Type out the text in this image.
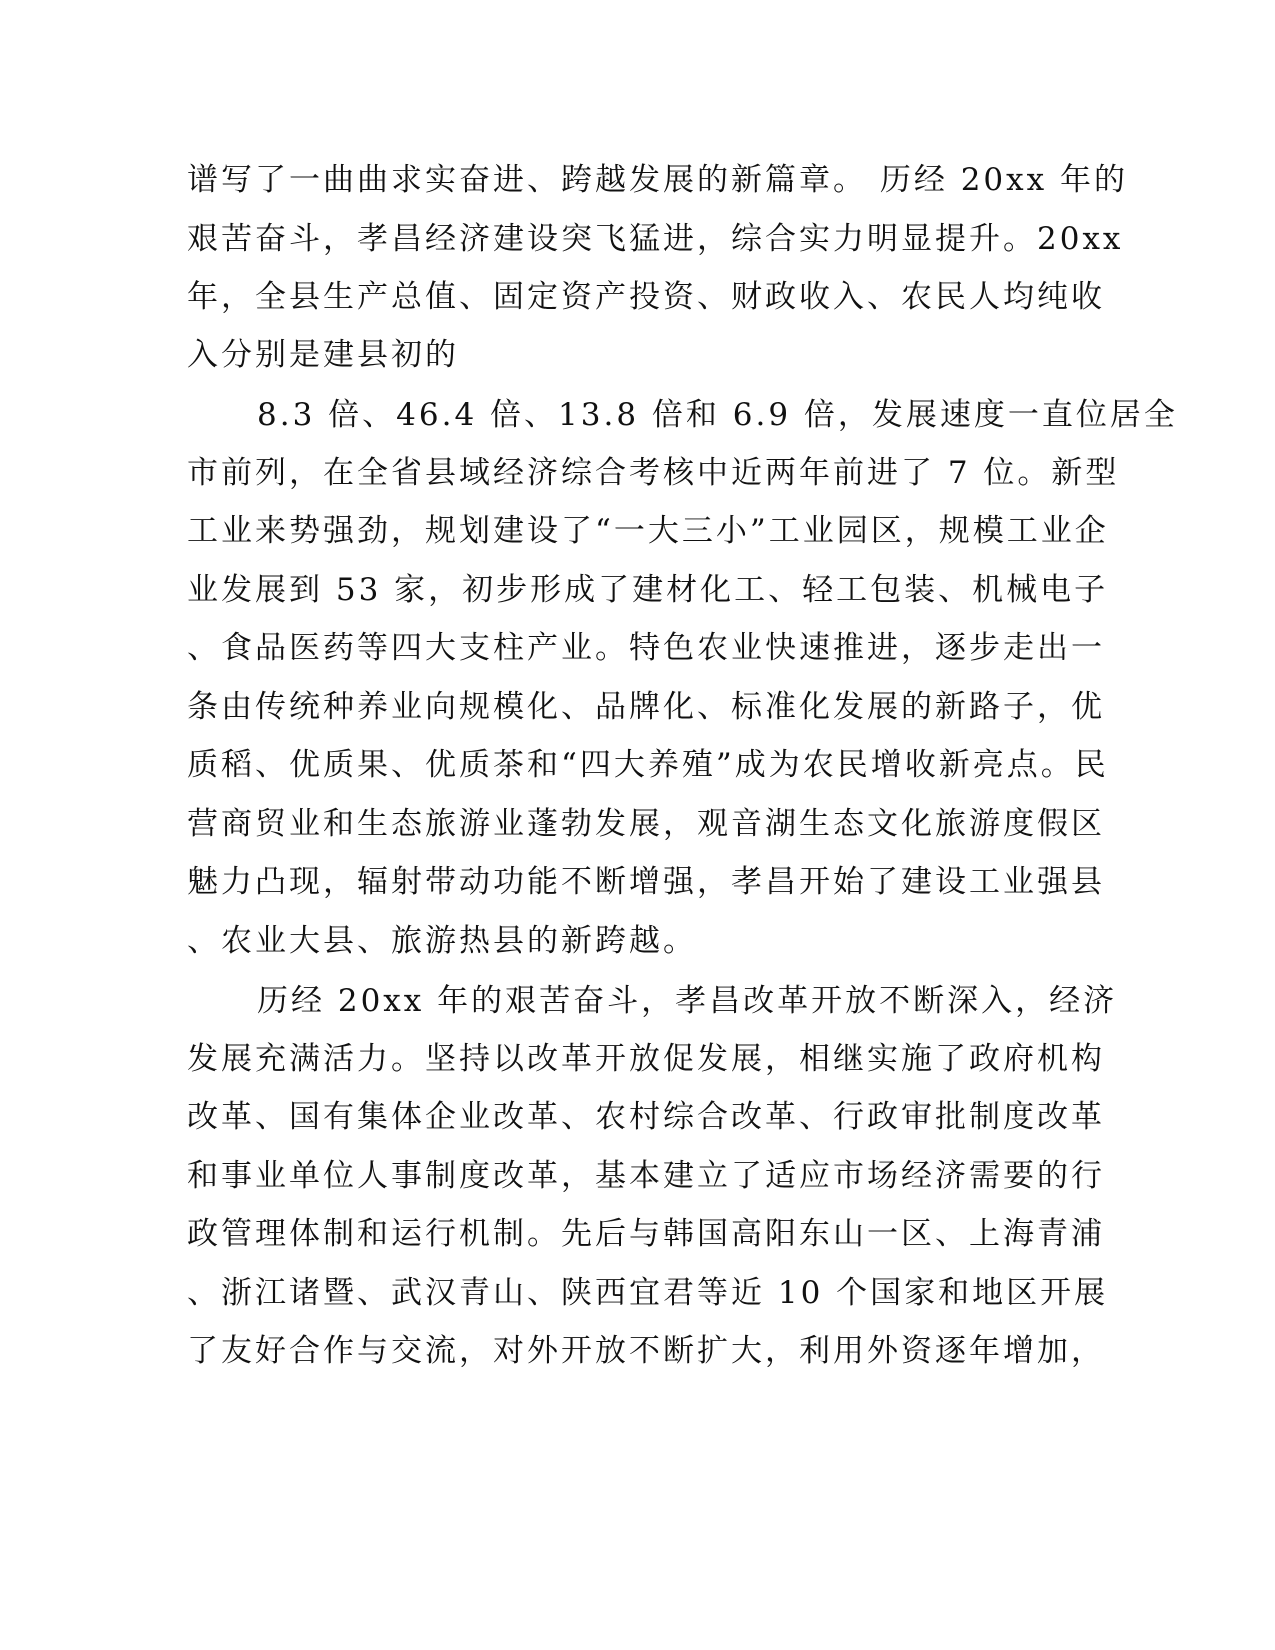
谱写了一曲曲求实奋进、跨越发展的新篇章。 历经 20xx 年的
艰苦奋斗，孝昌经济建设突飞猛进，综合实力明显提升。20xx
年，全县生产总值、固定资产投资、财政收入、农民人均纯收
入分别是建县初的
8.3 倍、46.4 倍、13.8 倍和 6.9 倍，发展速度一直位居全
市前列，在全省县域经济综合考核中近两年前进了 7 位。新型
工业来势强劲，规划建设了“一大三小”工业园区，规模工业企
业发展到 53 家，初步形成了建材化工、轻工包装、机械电子
、食品医药等四大支柱产业。特色农业快速推进，逐步走出一
条由传统种养业向规模化、品牌化、标准化发展的新路子，优
质稻、优质果、优质茶和“四大养殖”成为农民增收新亮点。民
营商贸业和生态旅游业蓬勃发展，观音湖生态文化旅游度假区
魅力凸现，辐射带动功能不断增强，孝昌开始了建设工业强县
、农业大县、旅游热县的新跨越。
历经 20xx 年的艰苦奋斗，孝昌改革开放不断深入，经济
发展充满活力。坚持以改革开放促发展，相继实施了政府机构
改革、国有集体企业改革、农村综合改革、行政审批制度改革
和事业单位人事制度改革，基本建立了适应市场经济需要的行
政管理体制和运行机制。先后与韩国高阳东山一区、上海青浦
、浙江诸暨、武汉青山、陕西宜君等近 10 个国家和地区开展
了友好合作与交流，对外开放不断扩大，利用外资逐年增加，
